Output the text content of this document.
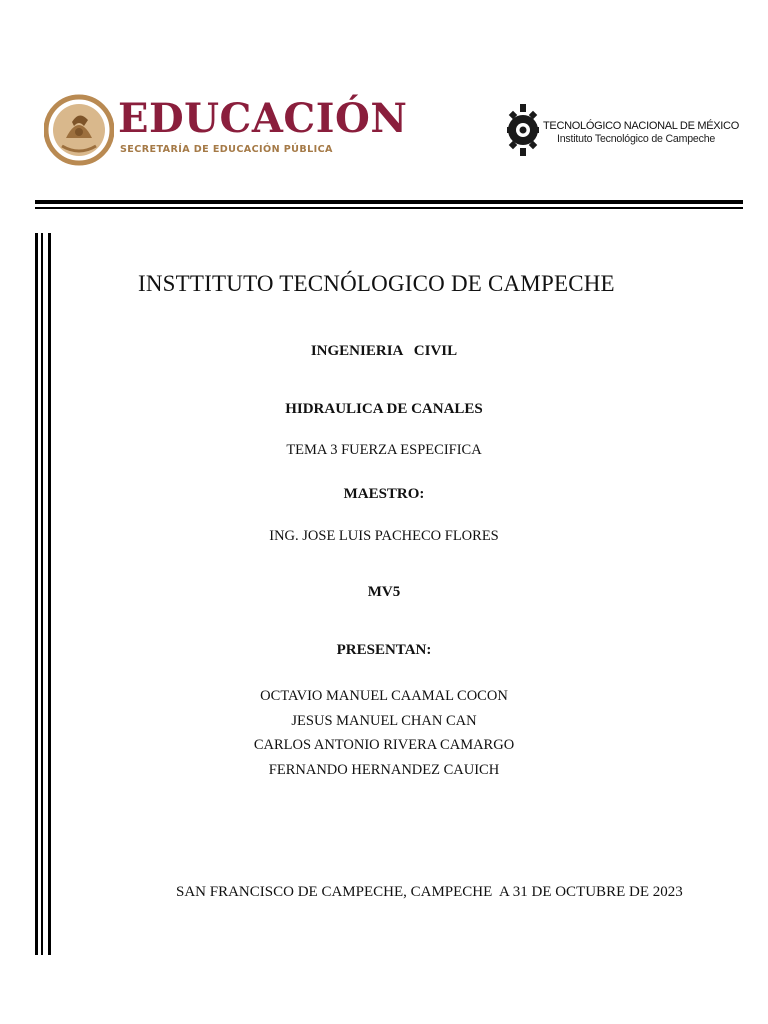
EDUCACIÓN
SECRETARÍA DE EDUCACIÓN PÚBLICA
TECNOLÓGICO NACIONAL DE MÉXICO
Instituto Tecnológico de Campeche
INSTTITUTO TECNÓLOGICO DE CAMPECHE
INGENIERIA   CIVIL
HIDRAULICA DE CANALES
TEMA 3 FUERZA ESPECIFICA
MAESTRO:
ING. JOSE LUIS PACHECO FLORES
MV5
PRESENTAN:
OCTAVIO MANUEL CAAMAL COCON
JESUS MANUEL CHAN CAN
CARLOS ANTONIO RIVERA CAMARGO
FERNANDO HERNANDEZ CAUICH
SAN FRANCISCO DE CAMPECHE, CAMPECHE  A 31 DE OCTUBRE DE 2023
